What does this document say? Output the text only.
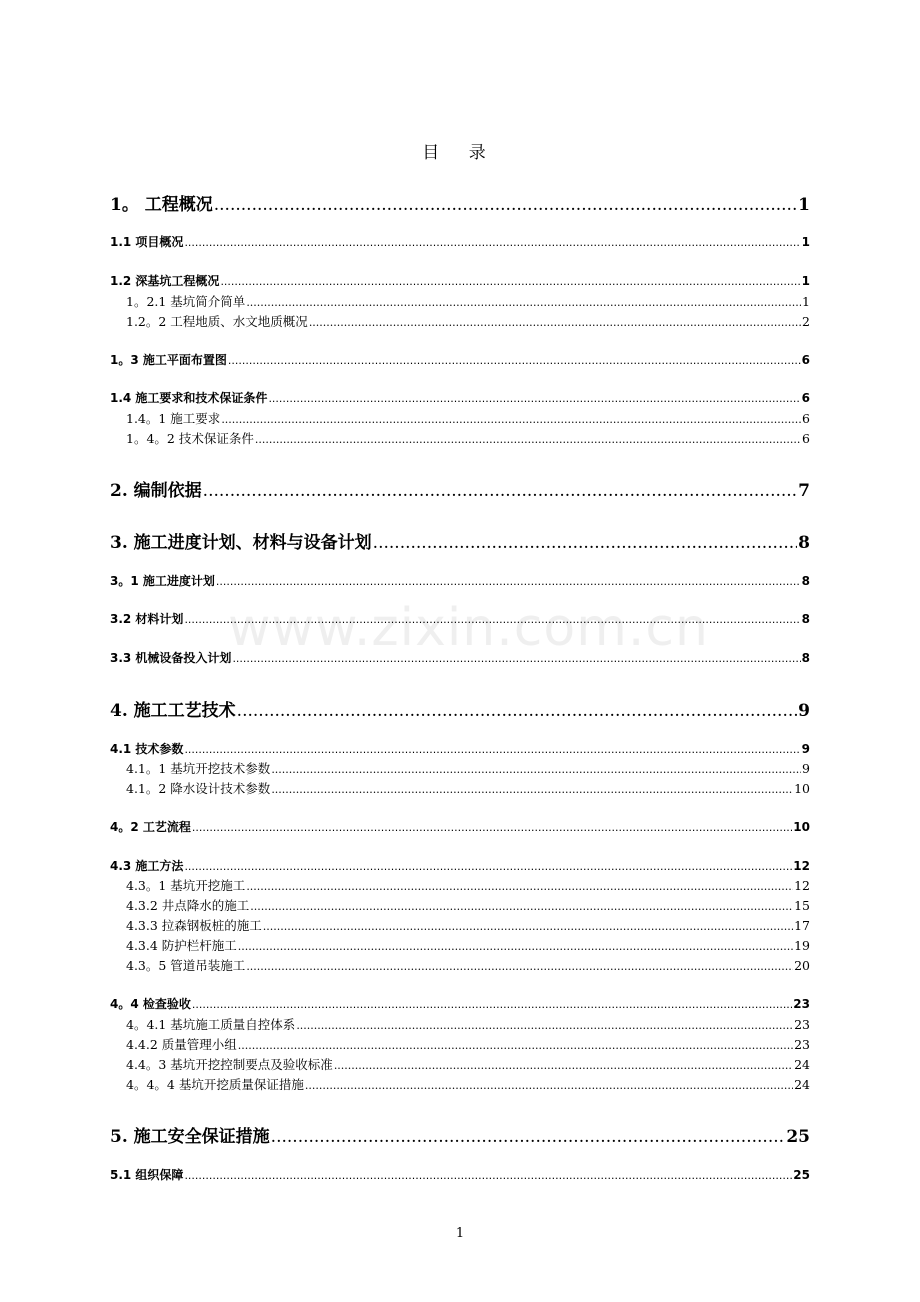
www.zixin.com.cn
目 录
1。 工程概况 .....	1
1.1 项目概况 .....	1
1.2 深基坑工程概况 .....	1
1。2.1 基坑简介简单 .....	1
1.2。2 工程地质、水文地质概况 .....	2
1。3 施工平面布置图 .....	6
1.4 施工要求和技术保证条件 .....	6
1.4。1 施工要求 .....	6
1。4。2 技术保证条件 .....	6
2. 编制依据 .....	7
3. 施工进度计划、材料与设备计划 .....	8
3。1 施工进度计划 .....	8
3.2 材料计划 .....	8
3.3 机械设备投入计划 .....	8
4. 施工工艺技术 .....	9
4.1 技术参数 .....	9
4.1。1 基坑开挖技术参数 .....	9
4.1。2 降水设计技术参数 .....	10
4。2 工艺流程 .....	10
4.3 施工方法 .....	12
4.3。1 基坑开挖施工 .....	12
4.3.2 井点降水的施工 .....	15
4.3.3 拉森钢板桩的施工 .....	17
4.3.4 防护栏杆施工 .....	19
4.3。5 管道吊装施工 .....	20
4。4 检查验收 .....	23
4。4.1 基坑施工质量自控体系 .....	23
4.4.2 质量管理小组 .....	23
4.4。3 基坑开挖控制要点及验收标准 .....	24
4。4。4 基坑开挖质量保证措施 .....	24
5. 施工安全保证措施 .....	25
5.1 组织保障 .....	25
1
